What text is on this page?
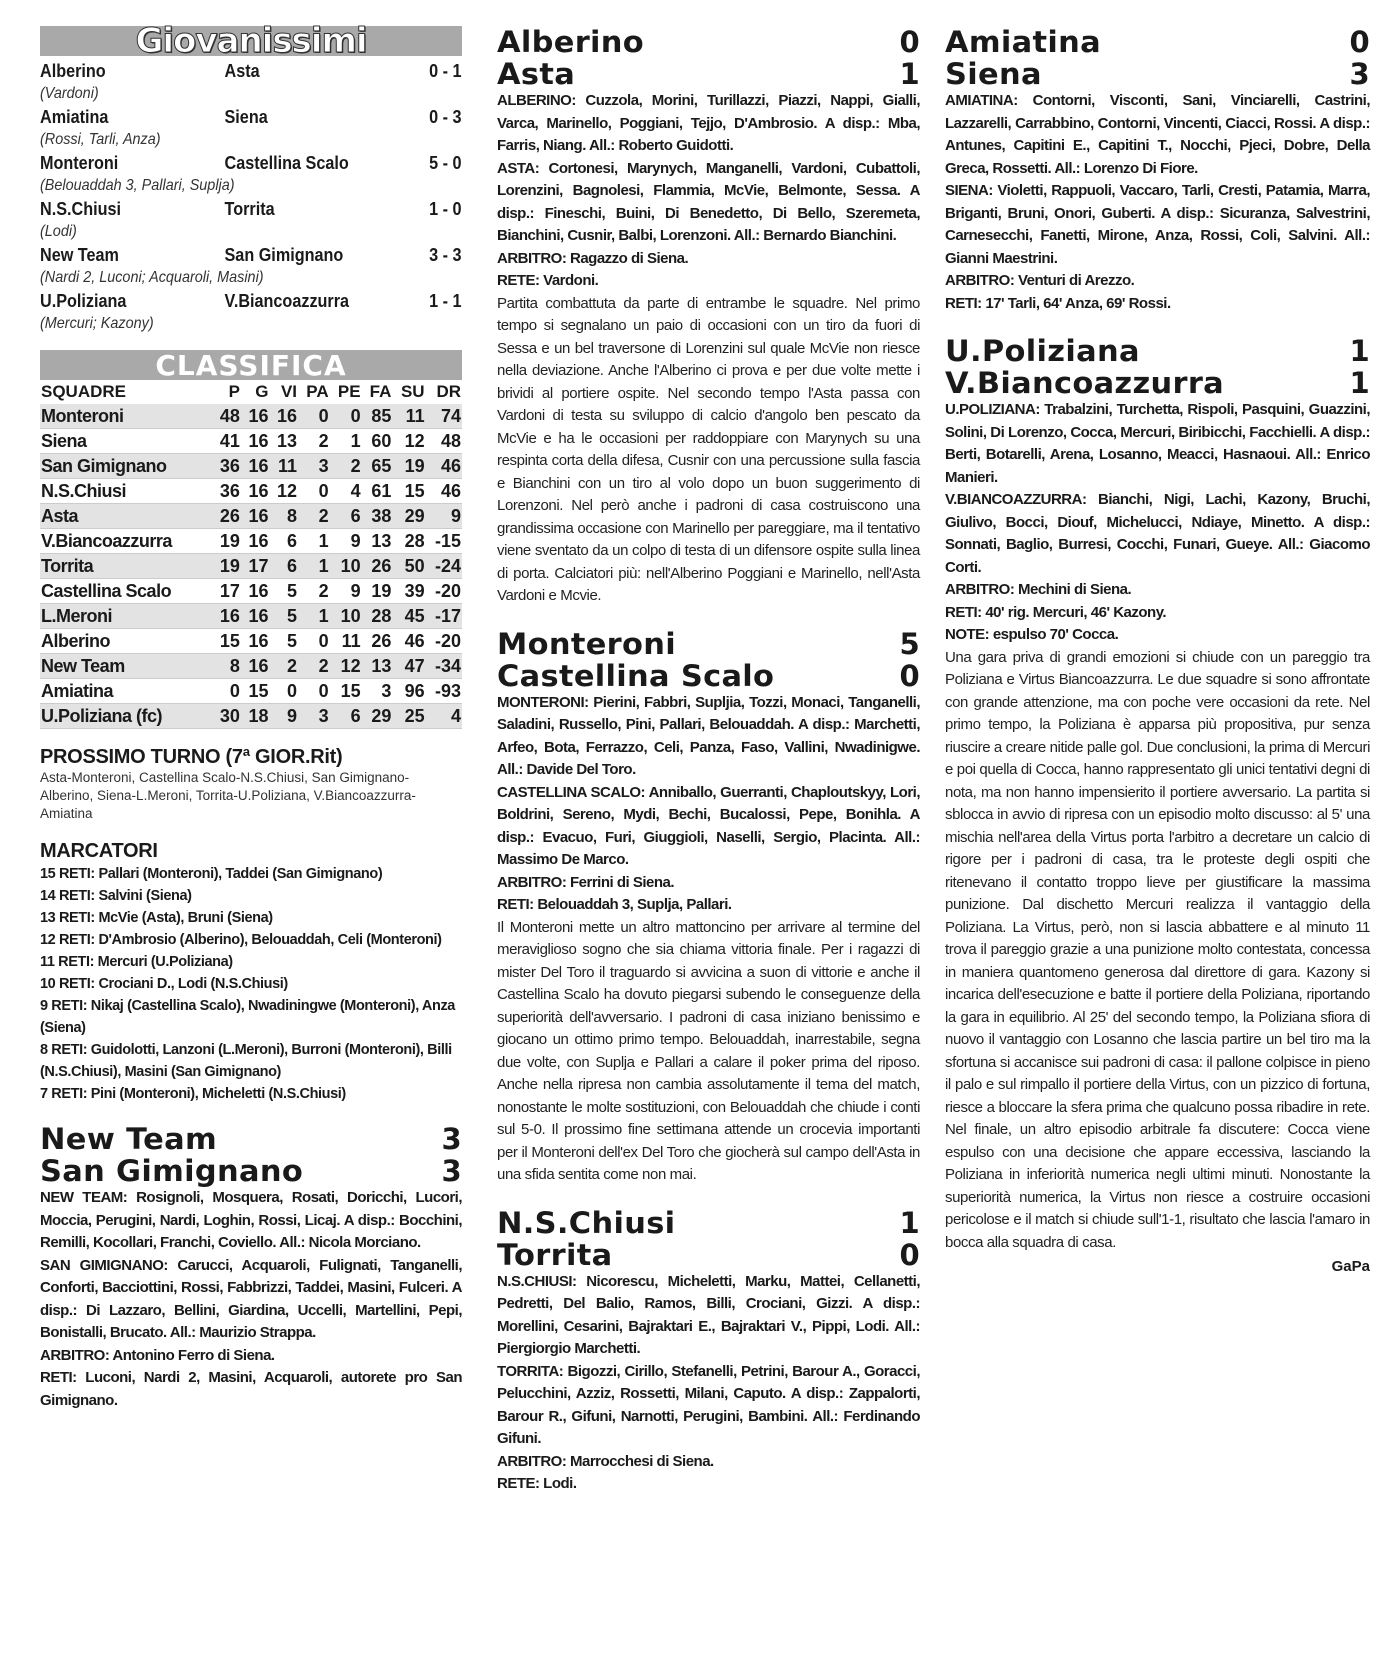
Giovanissimi
Alberino	Asta	0 - 1
(Vardoni)
Amiatina	Siena	0 - 3
(Rossi, Tarli, Anza)
Monteroni	Castellina Scalo	5 - 0
(Belouaddah 3, Pallari, Suplja)
N.S.Chiusi	Torrita	1 - 0
(Lodi)
New Team	San Gimignano	3 - 3
(Nardi 2, Luconi; Acquaroli, Masini)
U.Poliziana	V.Biancoazzurra	1 - 1
(Mercuri; Kazony)
CLASSIFICA
SQUADRE	P	G	VI	PA	PE	FA	SU	DR
Monteroni	48	16	16	0	0	85	11	74
Siena	41	16	13	2	1	60	12	48
San Gimignano	36	16	11	3	2	65	19	46
N.S.Chiusi	36	16	12	0	4	61	15	46
Asta	26	16	8	2	6	38	29	9
V.Biancoazzurra	19	16	6	1	9	13	28	-15
Torrita	19	17	6	1	10	26	50	-24
Castellina Scalo	17	16	5	2	9	19	39	-20
L.Meroni	16	16	5	1	10	28	45	-17
Alberino	15	16	5	0	11	26	46	-20
New Team	8	16	2	2	12	13	47	-34
Amiatina	0	15	0	0	15	3	96	-93
U.Poliziana (fc)	30	18	9	3	6	29	25	4
PROSSIMO TURNO (7ª GIOR.Rit)
Asta-Monteroni, Castellina Scalo-N.S.Chiusi, San Gimignano-Alberino, Siena-L.Meroni, Torrita-U.Poliziana, V.Biancoazzurra-Amiatina
MARCATORI
15 RETI: Pallari (Monteroni), Taddei (San Gimignano)
14 RETI: Salvini (Siena)
13 RETI: McVie (Asta), Bruni (Siena)
12 RETI: D'Ambrosio (Alberino), Belouaddah, Celi (Monteroni)
11 RETI: Mercuri (U.Poliziana)
10 RETI: Crociani D., Lodi (N.S.Chiusi)
9 RETI: Nikaj (Castellina Scalo), Nwadiningwe (Monteroni), Anza (Siena)
8 RETI: Guidolotti, Lanzoni (L.Meroni), Burroni (Monteroni), Billi (N.S.Chiusi), Masini (San Gimignano)
7 RETI: Pini (Monteroni), Micheletti (N.S.Chiusi)
New Team	3
San Gimignano	3
NEW TEAM: Rosignoli, Mosquera, Rosati, Doricchi, Lucori, Moccia, Perugini, Nardi, Loghin, Rossi, Licaj. A disp.: Bocchini, Remilli, Kocollari, Franchi, Coviello. All.: Nicola Morciano.
SAN GIMIGNANO: Carucci, Acquaroli, Fulignati, Tanganelli, Conforti, Bacciottini, Rossi, Fabbrizzi, Taddei, Masini, Fulceri. A disp.: Di Lazzaro, Bellini, Giardina, Uccelli, Martellini, Pepi, Bonistalli, Brucato. All.: Maurizio Strappa.
ARBITRO: Antonino Ferro di Siena.
RETI: Luconi, Nardi 2, Masini, Acquaroli, autorete pro San Gimignano.
Alberino	0
Asta	1
ALBERINO: Cuzzola, Morini, Turillazzi, Piazzi, Nappi, Gialli, Varca, Marinello, Poggiani, Tejjo, D'Ambrosio. A disp.: Mba, Farris, Niang. All.: Roberto Guidotti.
ASTA: Cortonesi, Marynych, Manganelli, Vardoni, Cubattoli, Lorenzini, Bagnolesi, Flammia, McVie, Belmonte, Sessa. A disp.: Fineschi, Buini, Di Benedetto, Di Bello, Szeremeta, Bianchini, Cusnir, Balbi, Lorenzoni. All.: Bernardo Bianchini.
ARBITRO: Ragazzo di Siena.
RETE: Vardoni.
Partita combattuta da parte di entrambe le squadre. Nel primo tempo si segnalano un paio di occasioni con un tiro da fuori di Sessa e un bel traversone di Lorenzini sul quale McVie non riesce nella deviazione. Anche l'Alberino ci prova e per due volte mette i brividi al portiere ospite. Nel secondo tempo l'Asta passa con Vardoni di testa su sviluppo di calcio d'angolo ben pescato da McVie e ha le occasioni per raddoppiare con Marynych su una respinta corta della difesa, Cusnir con una percussione sulla fascia e Bianchini con un tiro al volo dopo un buon suggerimento di Lorenzoni. Nel però anche i padroni di casa costruiscono una grandissima occasione con Marinello per pareggiare, ma il tentativo viene sventato da un colpo di testa di un difensore ospite sulla linea di porta. Calciatori più: nell'Alberino Poggiani e Marinello, nell'Asta Vardoni e Mcvie.
Monteroni	5
Castellina Scalo	0
MONTERONI: Pierini, Fabbri, Supljia, Tozzi, Monaci, Tanganelli, Saladini, Russello, Pini, Pallari, Belouaddah. A disp.: Marchetti, Arfeo, Bota, Ferrazzo, Celi, Panza, Faso, Vallini, Nwadinigwe. All.: Davide Del Toro.
CASTELLINA SCALO: Anniballo, Guerranti, Chaploutskyy, Lori, Boldrini, Sereno, Mydi, Bechi, Bucalossi, Pepe, Bonihla. A disp.: Evacuo, Furi, Giuggioli, Naselli, Sergio, Placinta. All.: Massimo De Marco.
ARBITRO: Ferrini di Siena.
RETI: Belouaddah 3, Suplja, Pallari.
Il Monteroni mette un altro mattoncino per arrivare al termine del meraviglioso sogno che sia chiama vittoria finale. Per i ragazzi di mister Del Toro il traguardo si avvicina a suon di vittorie e anche il Castellina Scalo ha dovuto piegarsi subendo le conseguenze della superiorità dell'avversario. I padroni di casa iniziano benissimo e giocano un ottimo primo tempo. Belouaddah, inarrestabile, segna due volte, con Suplja e Pallari a calare il poker prima del riposo. Anche nella ripresa non cambia assolutamente il tema del match, nonostante le molte sostituzioni, con Belouaddah che chiude i conti sul 5-0. Il prossimo fine settimana attende un crocevia importanti per il Monteroni dell'ex Del Toro che giocherà sul campo dell'Asta in una sfida sentita come non mai.
N.S.Chiusi	1
Torrita	0
N.S.CHIUSI: Nicorescu, Micheletti, Marku, Mattei, Cellanetti, Pedretti, Del Balio, Ramos, Billi, Crociani, Gizzi. A disp.: Morellini, Cesarini, Bajraktari E., Bajraktari V., Pippi, Lodi. All.: Piergiorgio Marchetti.
TORRITA: Bigozzi, Cirillo, Stefanelli, Petrini, Barour A., Goracci, Pelucchini, Azziz, Rossetti, Milani, Caputo. A disp.: Zappalorti, Barour R., Gifuni, Narnotti, Perugini, Bambini. All.: Ferdinando Gifuni.
ARBITRO: Marrocchesi di Siena.
RETE: Lodi.
Amiatina	0
Siena	3
AMIATINA: Contorni, Visconti, Sani, Vinciarelli, Castrini, Lazzarelli, Carrabbino, Contorni, Vincenti, Ciacci, Rossi. A disp.: Antunes, Capitini E., Capitini T., Nocchi, Pjeci, Dobre, Della Greca, Rossetti. All.: Lorenzo Di Fiore.
SIENA: Violetti, Rappuoli, Vaccaro, Tarli, Cresti, Patamia, Marra, Briganti, Bruni, Onori, Guberti. A disp.: Sicuranza, Salvestrini, Carnesecchi, Fanetti, Mirone, Anza, Rossi, Coli, Salvini. All.: Gianni Maestrini.
ARBITRO: Venturi di Arezzo.
RETI: 17' Tarli, 64' Anza, 69' Rossi.
U.Poliziana	1
V.Biancoazzurra	1
U.POLIZIANA: Trabalzini, Turchetta, Rispoli, Pasquini, Guazzini, Solini, Di Lorenzo, Cocca, Mercuri, Biribicchi, Facchielli. A disp.: Berti, Botarelli, Arena, Losanno, Meacci, Hasnaoui. All.: Enrico Manieri.
V.BIANCOAZZURRA: Bianchi, Nigi, Lachi, Kazony, Bruchi, Giulivo, Bocci, Diouf, Michelucci, Ndiaye, Minetto. A disp.: Sonnati, Baglio, Burresi, Cocchi, Funari, Gueye. All.: Giacomo Corti.
ARBITRO: Mechini di Siena.
RETI: 40' rig. Mercuri, 46' Kazony.
NOTE: espulso 70' Cocca.
Una gara priva di grandi emozioni si chiude con un pareggio tra Poliziana e Virtus Biancoazzurra. Le due squadre si sono affrontate con grande attenzione, ma con poche vere occasioni da rete. Nel primo tempo, la Poliziana è apparsa più propositiva, pur senza riuscire a creare nitide palle gol. Due conclusioni, la prima di Mercuri e poi quella di Cocca, hanno rappresentato gli unici tentativi degni di nota, ma non hanno impensierito il portiere avversario. La partita si sblocca in avvio di ripresa con un episodio molto discusso: al 5' una mischia nell'area della Virtus porta l'arbitro a decretare un calcio di rigore per i padroni di casa, tra le proteste degli ospiti che ritenevano il contatto troppo lieve per giustificare la massima punizione. Dal dischetto Mercuri realizza il vantaggio della Poliziana. La Virtus, però, non si lascia abbattere e al minuto 11 trova il pareggio grazie a una punizione molto contestata, concessa in maniera quantomeno generosa dal direttore di gara. Kazony si incarica dell'esecuzione e batte il portiere della Poliziana, riportando la gara in equilibrio. Al 25' del secondo tempo, la Poliziana sfiora di nuovo il vantaggio con Losanno che lascia partire un bel tiro ma la sfortuna si accanisce sui padroni di casa: il pallone colpisce in pieno il palo e sul rimpallo il portiere della Virtus, con un pizzico di fortuna, riesce a bloccare la sfera prima che qualcuno possa ribadire in rete. Nel finale, un altro episodio arbitrale fa discutere: Cocca viene espulso con una decisione che appare eccessiva, lasciando la Poliziana in inferiorità numerica negli ultimi minuti. Nonostante la superiorità numerica, la Virtus non riesce a costruire occasioni pericolose e il match si chiude sull'1-1, risultato che lascia l'amaro in bocca alla squadra di casa.
GaPa
